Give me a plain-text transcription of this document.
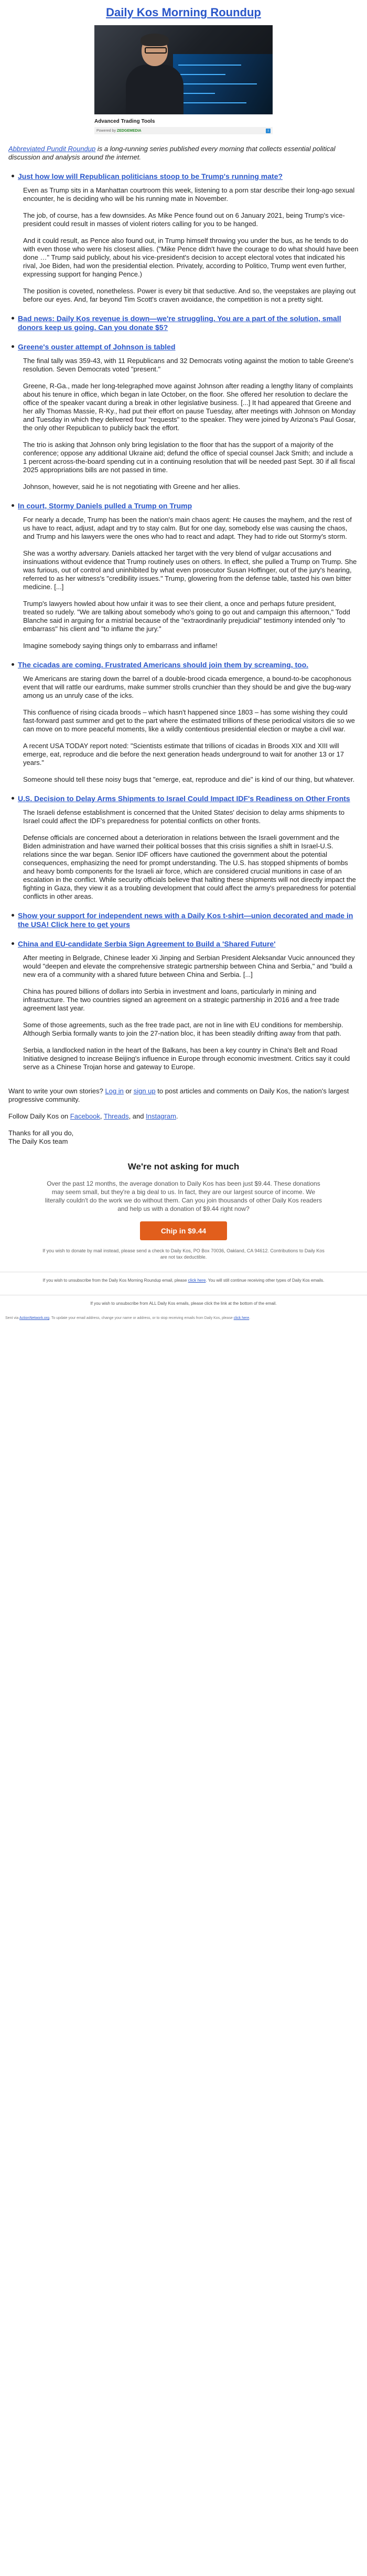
Daily Kos Morning Roundup
Advanced Trading Tools
Powered by ZEDGEMEDIA	i

Abbreviated Pundit Roundup is a long-running series published every morning that collects essential political discussion and analysis around the internet.

Just how low will Republican politicians stoop to be Trump's running mate?

Even as Trump sits in a Manhattan courtroom this week, listening to a porn star describe their long-ago sexual encounter, he is deciding who will be his running mate in November.

The job, of course, has a few downsides. As Mike Pence found out on 6 January 2021, being Trump's vice-president could result in masses of violent rioters calling for you to be hanged.

And it could result, as Pence also found out, in Trump himself throwing you under the bus, as he tends to do with even those who were his closest allies. ("Mike Pence didn't have the courage to do what should have been done …" Trump said publicly, about his vice-president's decision to accept electoral votes that indicated his rival, Joe Biden, had won the presidential election. Privately, according to Politico, Trump went even further, expressing support for hanging Pence.)

The position is coveted, nonetheless. Power is every bit that seductive. And so, the veepstakes are playing out before our eyes. And, far beyond Tim Scott's craven avoidance, the competition is not a pretty sight.

Bad news: Daily Kos revenue is down—we're struggling. You are a part of the solution, small donors keep us going. Can you donate $5?
Greene's ouster attempt of Johnson is tabled

The final tally was 359-43, with 11 Republicans and 32 Democrats voting against the motion to table Greene's resolution. Seven Democrats voted "present."

Greene, R-Ga., made her long-telegraphed move against Johnson after reading a lengthy litany of complaints about his tenure in office, which began in late October, on the floor. She offered her resolution to declare the office of the speaker vacant during a break in other legislative business. [...] It had appeared that Greene and her ally Thomas Massie, R-Ky., had put their effort on pause Tuesday, after meetings with Johnson on Monday and Tuesday in which they delivered four "requests" to the speaker. They were joined by Arizona's Paul Gosar, the only other Republican to publicly back the effort.

The trio is asking that Johnson only bring legislation to the floor that has the support of a majority of the conference; oppose any additional Ukraine aid; defund the office of special counsel Jack Smith; and include a 1 percent across-the-board spending cut in a continuing resolution that will be needed past Sept. 30 if all fiscal 2025 appropriations bills are not passed in time.

Johnson, however, said he is not negotiating with Greene and her allies.

In court, Stormy Daniels pulled a Trump on Trump

For nearly a decade, Trump has been the nation's main chaos agent: He causes the mayhem, and the rest of us have to react, adjust, adapt and try to stay calm. But for one day, somebody else was causing the chaos, and Trump and his lawyers were the ones who had to react and adapt. They had to ride out Stormy's storm.

She was a worthy adversary. Daniels attacked her target with the very blend of vulgar accusations and insinuations without evidence that Trump routinely uses on others. In effect, she pulled a Trump on Trump. She was furious, out of control and uninhibited by what even prosecutor Susan Hoffinger, out of the jury's hearing, referred to as her witness's "credibility issues." Trump, glowering from the defense table, tasted his own bitter medicine. [...]

Trump's lawyers howled about how unfair it was to see their client, a once and perhaps future president, treated so rudely. "We are talking about somebody who's going to go out and campaign this afternoon," Todd Blanche said in arguing for a mistrial because of the "extraordinarily prejudicial" testimony intended only "to embarrass" his client and "to inflame the jury."

Imagine somebody saying things only to embarrass and inflame!

The cicadas are coming. Frustrated Americans should join them by screaming, too.

We Americans are staring down the barrel of a double-brood cicada emergence, a bound-to-be cacophonous event that will rattle our eardrums, make summer strolls crunchier than they should be and give the bug-wary among us an unruly case of the icks.

This confluence of rising cicada broods – which hasn't happened since 1803 – has some wishing they could fast-forward past summer and get to the part where the estimated trillions of these periodical visitors die so we can move on to more peaceful moments, like a wildly contentious presidential election or maybe a civil war.

A recent USA TODAY report noted: "Scientists estimate that trillions of cicadas in Broods XIX and XIII will emerge, eat, reproduce and die before the next generation heads underground to wait for another 13 or 17 years."

Someone should tell these noisy bugs that "emerge, eat, reproduce and die" is kind of our thing, but whatever.

U.S. Decision to Delay Arms Shipments to Israel Could Impact IDF's Readiness on Other Fronts

The Israeli defense establishment is concerned that the United States' decision to delay arms shipments to Israel could affect the IDF's preparedness for potential conflicts on other fronts.

Defense officials are concerned about a deterioration in relations between the Israeli government and the Biden administration and have warned their political bosses that this crisis signifies a shift in Israel-U.S. relations since the war began. Senior IDF officers have cautioned the government about the potential consequences, emphasizing the need for prompt understanding. The U.S. has stopped shipments of bombs and heavy bomb components for the Israeli air force, which are considered crucial munitions in case of an escalation in the conflict. While security officials believe that halting these shipments will not directly impact the fighting in Gaza, they view it as a troubling development that could affect the army's preparedness for potential conflicts in other areas.

Show your support for independent news with a Daily Kos t-shirt—union decorated and made in the USA! Click here to get yours
China and EU-candidate Serbia Sign Agreement to Build a 'Shared Future'

After meeting in Belgrade, Chinese leader Xi Jinping and Serbian President Aleksandar Vucic announced they would "deepen and elevate the comprehensive strategic partnership between China and Serbia," and "build a new era of a community with a shared future between China and Serbia. [...]

China has poured billions of dollars into Serbia in investment and loans, particularly in mining and infrastructure. The two countries signed an agreement on a strategic partnership in 2016 and a free trade agreement last year.

Some of those agreements, such as the free trade pact, are not in line with EU conditions for membership. Although Serbia formally wants to join the 27-nation bloc, it has been steadily drifting away from that path.

Serbia, a landlocked nation in the heart of the Balkans, has been a key country in China's Belt and Road Initiative designed to increase Beijing's influence in Europe through economic investment. Critics say it could serve as a Chinese Trojan horse and gateway to Europe.

Want to write your own stories? Log in or sign up to post articles and comments on Daily Kos, the nation's largest progressive community.

Follow Daily Kos on Facebook, Threads, and Instagram.

Thanks for all you do,
The Daily Kos team

We're not asking for much

Over the past 12 months, the average donation to Daily Kos has been just $9.44. These donations may seem small, but they're a big deal to us. In fact, they are our largest source of income. We literally couldn't do the work we do without them. Can you join thousands of other Daily Kos readers and help us with a donation of $9.44 right now?

Chip in $9.44
If you wish to donate by mail instead, please send a check to Daily Kos, PO Box 70036, Oakland, CA 94612. Contributions to Daily Kos are not tax deductible.

If you wish to unsubscribe from the Daily Kos Morning Roundup email, please click here. You will still continue receiving other types of Daily Kos emails.

If you wish to unsubscribe from ALL Daily Kos emails, please click the link at the bottom of the email.

Sent via ActionNetwork.org. To update your email address, change your name or address, or to stop receiving emails from Daily Kos, please click here.
